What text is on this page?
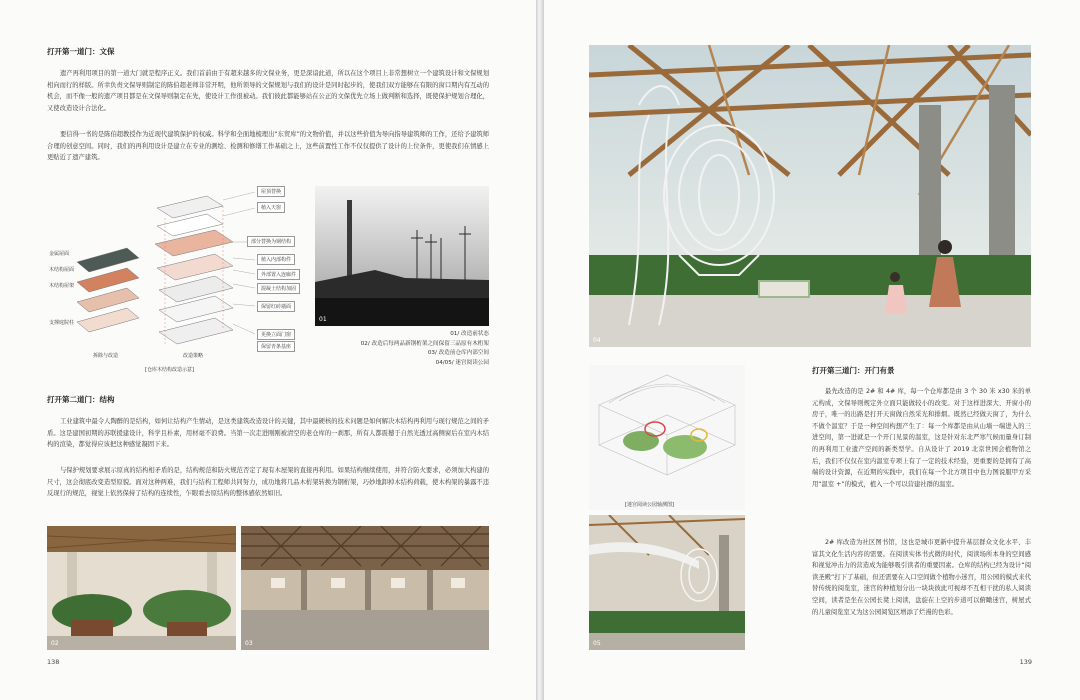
打开第一道门：文保

遗产再利用项目的第一道大门就是程序正义。我们首前由于有超来越多的文保业务，更是深谙此道，所以在这个项目上非常想树立一个建筑设计和文保规划相向而行的样版。所幸负责文保导则制定的陈伯超老师非常开明，他所领导的文保规划与我们的设计是同时起步的，使我们双方能够在有限的窗口期内有互动的机会，而不像一般的遗产项目都是在文保导则制定在先，使设计工作很被动。我们彼此都能够站在公正的文保优先立场上做判断和选择，既使保护规划合理化，又使改造设计合法化。

要信得一书的是陈伯超教授作为近现代建筑保护的权威。科学和全面地梳理出“东贸库”的文物价值，并以这些价值为导向指导建筑师的工作，还给予建筑师合理的创意空间。同时，我们的再利用设计是建立在专业的测绘、检测和修缮工作基础之上，这些前置性工作不仅仅提供了设计的上位条件，更使我们在情感上更贴近了遗产建筑。

金属屋面
木结构屋面
木结构屋架
支撑庭院柱
屋顶替换
植入天窗
部分替换为钢结构
植入内部构件
外部置入连廊件
混凝土结构加固
保留红砖墙面
更换立面门窗
保留青条基座
拆除与改造	改造策略
[仓库木结构改造示意]
01
01/ 改造前状态
02/ 改造后每两品新钢桁架之间保留三品原有木桁架
03/ 改造前仓库内部空间
04/05/ 迷宫阅读公园
打开第二道门：结构

工业建筑中最令人陶醉的是结构，如何让结构产生情动，是这类建筑改造设计的关键，其中最硬核的技术问题是如何解决木结构再利用与现行规范之间的矛盾。这是建国初期的苏联援建设计，科学且朴素，用材毫不浪费。当第一次走进刚刚被清空的老仓库的一刹那，所有人都震撼于自然光透过高侧窗后在室内木结构的渲染，都觉得应该把这种感觉凝固下来。

与保护规划要求展示原真的结构相矛盾的是，结构规范和防火规范否定了现有木屋架的直接再利用。如果结构继续使用，并符合防火要求，必须加大构建的尺寸，这会彻底改变造型原貌。面对这种两难，我们与结构工程师共同努力，成功地将几品木桁架转换为钢桁架，巧妙地卸掉木结构荷载，使木构架的暴露不违反现行的规范，视觉上依然保持了结构的连续性，乍眼看去原结构的整体感依然如旧。

02	03
138
04
[迷宫阅读公园轴测图]
05
打开第三道门：开门有景

最先改造的是 2# 和 4# 库，每一个仓库都是由 3 个 30 米 x30 米的单元构成，文保导则规定外立面只能做较小的改变。对于这样进深大、开窗小的房子，唯一的出路是打开天窗做自然采光和排烟。既然已经做天窗了，为什么不做个温室？于是一种空间构想产生了：每一个库都是由从山墙一端进入的三进空间，第一进就是一个开门见景的温室，这是针对东北严寒气候而量身订制的再利用工业遗产空间的新类型学。自从设计了 2019 北京世园会植物馆之后，我们不仅仅在室内温室专项上有了一定的技术经验，更重要的是拥有了高端的设计资源，在近期的实践中，我们在每一个北方项目中也力图说服甲方采用“温室 +”的模式，植入一个可以营建社群的温室。

2# 库改造为社区图书馆，这也是城市更新中提升基层群众文化水平、丰富其文化生活内容的需要。在阅读实体书式微的时代，阅读场所本身的空间感和视觉冲击力的营造成为能够吸引读者的重要因素。仓库的结构已经为设计“阅读圣殿”打下了基础，但还需要在入口空间做个植物小迷宫，用公园的模式来代替传统的阅览室，迷宫的种植划分出一块块彼此可视却不互相干扰的私人阅读空间，读者是坐在公园长凳上阅读，盘旋在上空的步道可以俯瞰迷宫，树屋式的儿童阅览室又为这公园阅览区增添了烂漫的色彩。

139
